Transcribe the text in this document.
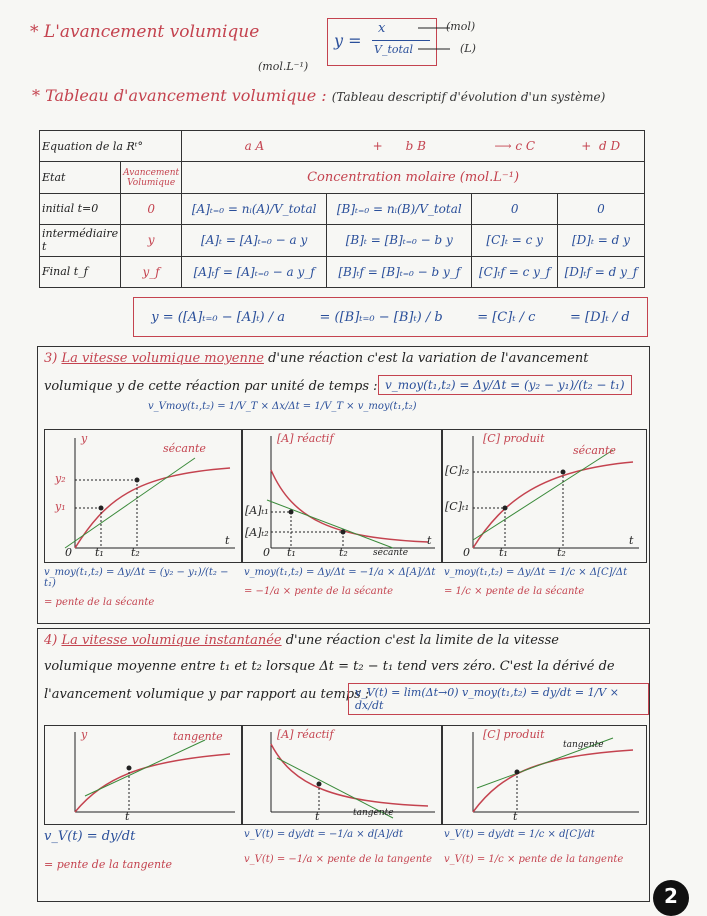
* L'avancement volumique	y =
x
V_total
(mol)
(L)
(mol.L⁻¹)
* Tableau d'avancement volumique : (Tableau descriptif d'évolution d'un système)
Equation de la Rᵗ°		a A	+ b B	⟶ c C	+ d D
Etat	Avancement Volumique	Concentration molaire (mol.L⁻¹)			
initial t=0	0	[A]ₜ₌₀ = nᵢ(A)/V_total	[B]ₜ₌₀ = nᵢ(B)/V_total	0	0
intermédiaire t	y	[A]ₜ = [A]ₜ₌₀ − a y	[B]ₜ = [B]ₜ₌₀ − b y	[C]ₜ = c y	[D]ₜ = d y
Final t_f	y_f	[A]ₜf = [A]ₜ₌₀ − a y_f	[B]ₜf = [B]ₜ₌₀ − b y_f	[C]ₜf = c y_f	[D]ₜf = d y_f
y = ([A]ₜ₌₀ − [A]ₜ) / a	= ([B]ₜ₌₀ − [B]ₜ) / b	= [C]ₜ / c	= [D]ₜ / d
3) La vitesse volumique moyenne d'une réaction c'est la variation de l'avancement
volumique y de cette réaction par unité de temps : v_moy(t₁,t₂) = Δy/Δt = (y₂ − y₁)/(t₂ − t₁)
v_Vmoy(t₁,t₂) = 1/V_T × Δx/Δt = 1/V_T × v_moy(t₁,t₂)
y
sécante
y₂
y₁
0 t₁ t₂
t
[A] réactif
[A]ₜ₁
[A]ₜ₂
sécante
0 t₁	t₂
t
[C] produit
sécante
[C]ₜ₂
[C]ₜ₁
0	t₁	t₂
t
v_moy(t₁,t₂) = Δy/Δt = (y₂ − y₁)/(t₂ − t₁)
= pente de la sécante
v_moy(t₁,t₂) = Δy/Δt = −1/a × Δ[A]/Δt
= −1/a × pente de la sécante
v_moy(t₁,t₂) = Δy/Δt = 1/c × Δ[C]/Δt
= 1/c × pente de la sécante
4) La vitesse volumique instantanée d'une réaction c'est la limite de la vitesse
volumique moyenne entre t₁ et t₂ lorsque Δt = t₂ − t₁ tend vers zéro. C'est la dérivé de
l'avancement volumique y par rapport au temps :
v_V(t) = lim(Δt→0) v_moy(t₁,t₂) = dy/dt = 1/V × dx/dt
y	tangente
t
[A] réactif
tangente
t
[C] produit
tangente
t
v_V(t) = dy/dt
= pente de la tangente
v_V(t) = dy/dt = −1/a × d[A]/dt
v_V(t) = −1/a × pente de la tangente
v_V(t) = dy/dt = 1/c × d[C]/dt
v_V(t) = 1/c × pente de la tangente
2
